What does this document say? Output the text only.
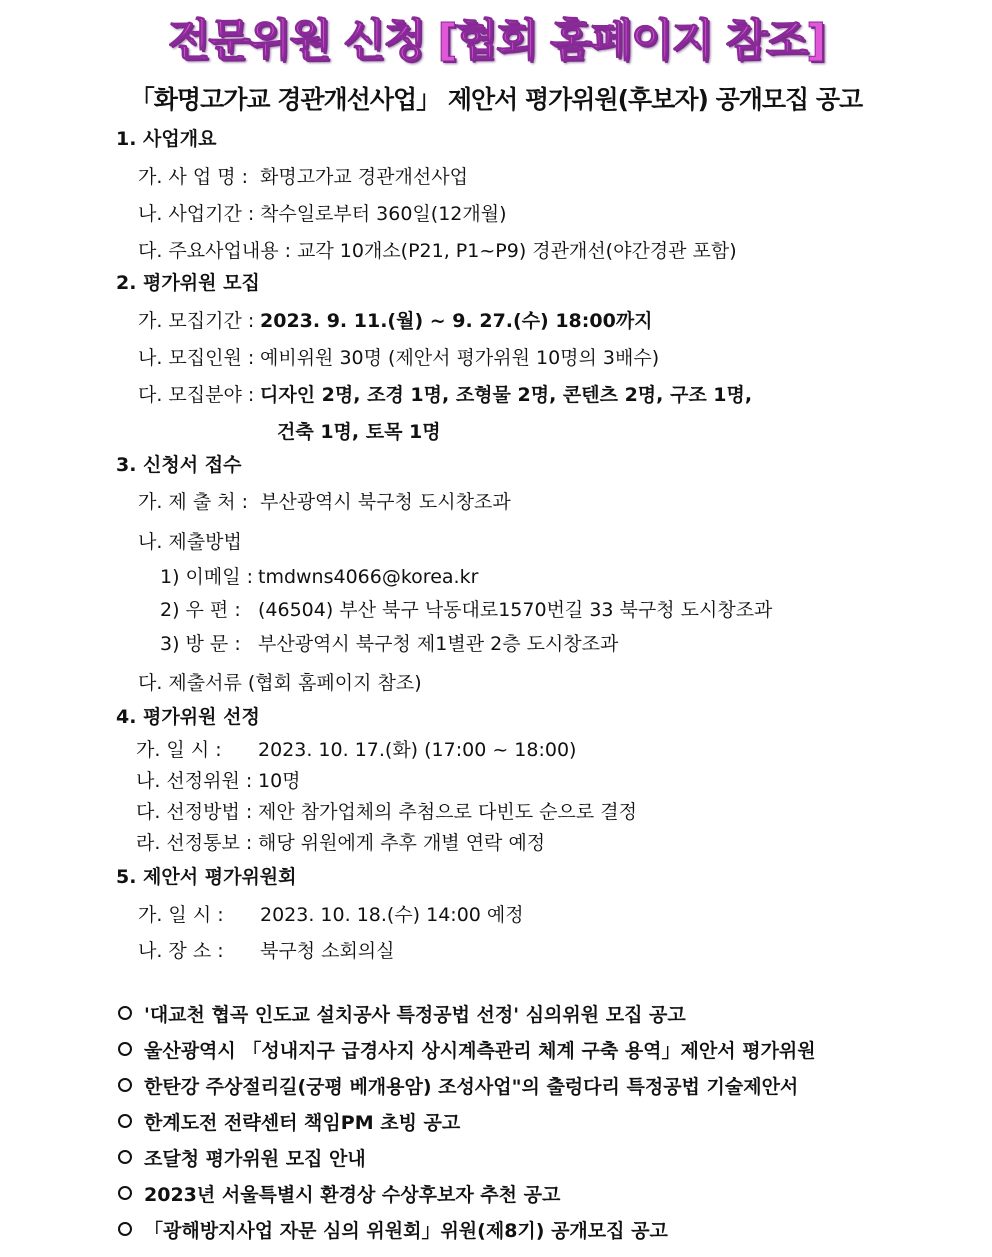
전문위원 신청 [협회 홈페이지 참조]
「화명고가교 경관개선사업」 제안서 평가위원(후보자) 공개모집 공고
1. 사업개요
가. 사 업 명 : 화명고가교 경관개선사업
나. 사업기간 : 착수일로부터 360일(12개월)
다. 주요사업내용 : 교각 10개소(P21, P1~P9) 경관개선(야간경관 포함)
2. 평가위원 모집
가. 모집기간 : 2023. 9. 11.(월) ~ 9. 27.(수) 18:00까지
나. 모집인원 : 예비위원 30명 (제안서 평가위원 10명의 3배수)
다. 모집분야 : 디자인 2명, 조경 1명, 조형물 2명, 콘텐츠 2명, 구조 1명,
건축 1명, 토목 1명
3. 신청서 접수
가. 제 출 처 : 부산광역시 북구청 도시창조과
나. 제출방법
1) 이메일 : tmdwns4066@korea.kr
2) 우 편 : (46504) 부산 북구 낙동대로1570번길 33 북구청 도시창조과
3) 방 문 : 부산광역시 북구청 제1별관 2층 도시창조과
다. 제출서류 (협회 홈페이지 참조)
4. 평가위원 선정
가. 일 시 : 2023. 10. 17.(화) (17:00 ~ 18:00)
나. 선정위원 : 10명
다. 선정방법 : 제안 참가업체의 추첨으로 다빈도 순으로 결정
라. 선정통보 : 해당 위원에게 추후 개별 연락 예정
5. 제안서 평가위원회
가. 일 시 : 2023. 10. 18.(수) 14:00 예정
나. 장 소 : 북구청 소회의실
'대교천 협곡 인도교 설치공사 특정공법 선정' 심의위원 모집 공고
울산광역시 「성내지구 급경사지 상시계측관리 체계 구축 용역」제안서 평가위원
한탄강 주상절리길(궁평 베개용암) 조성사업"의 출렁다리 특정공법 기술제안서
한계도전 전략센터 책임PM 초빙 공고
조달청 평가위원 모집 안내
2023년 서울특별시 환경상 수상후보자 추천 공고
「광해방지사업 자문 심의 위원회」위원(제8기) 공개모집 공고
